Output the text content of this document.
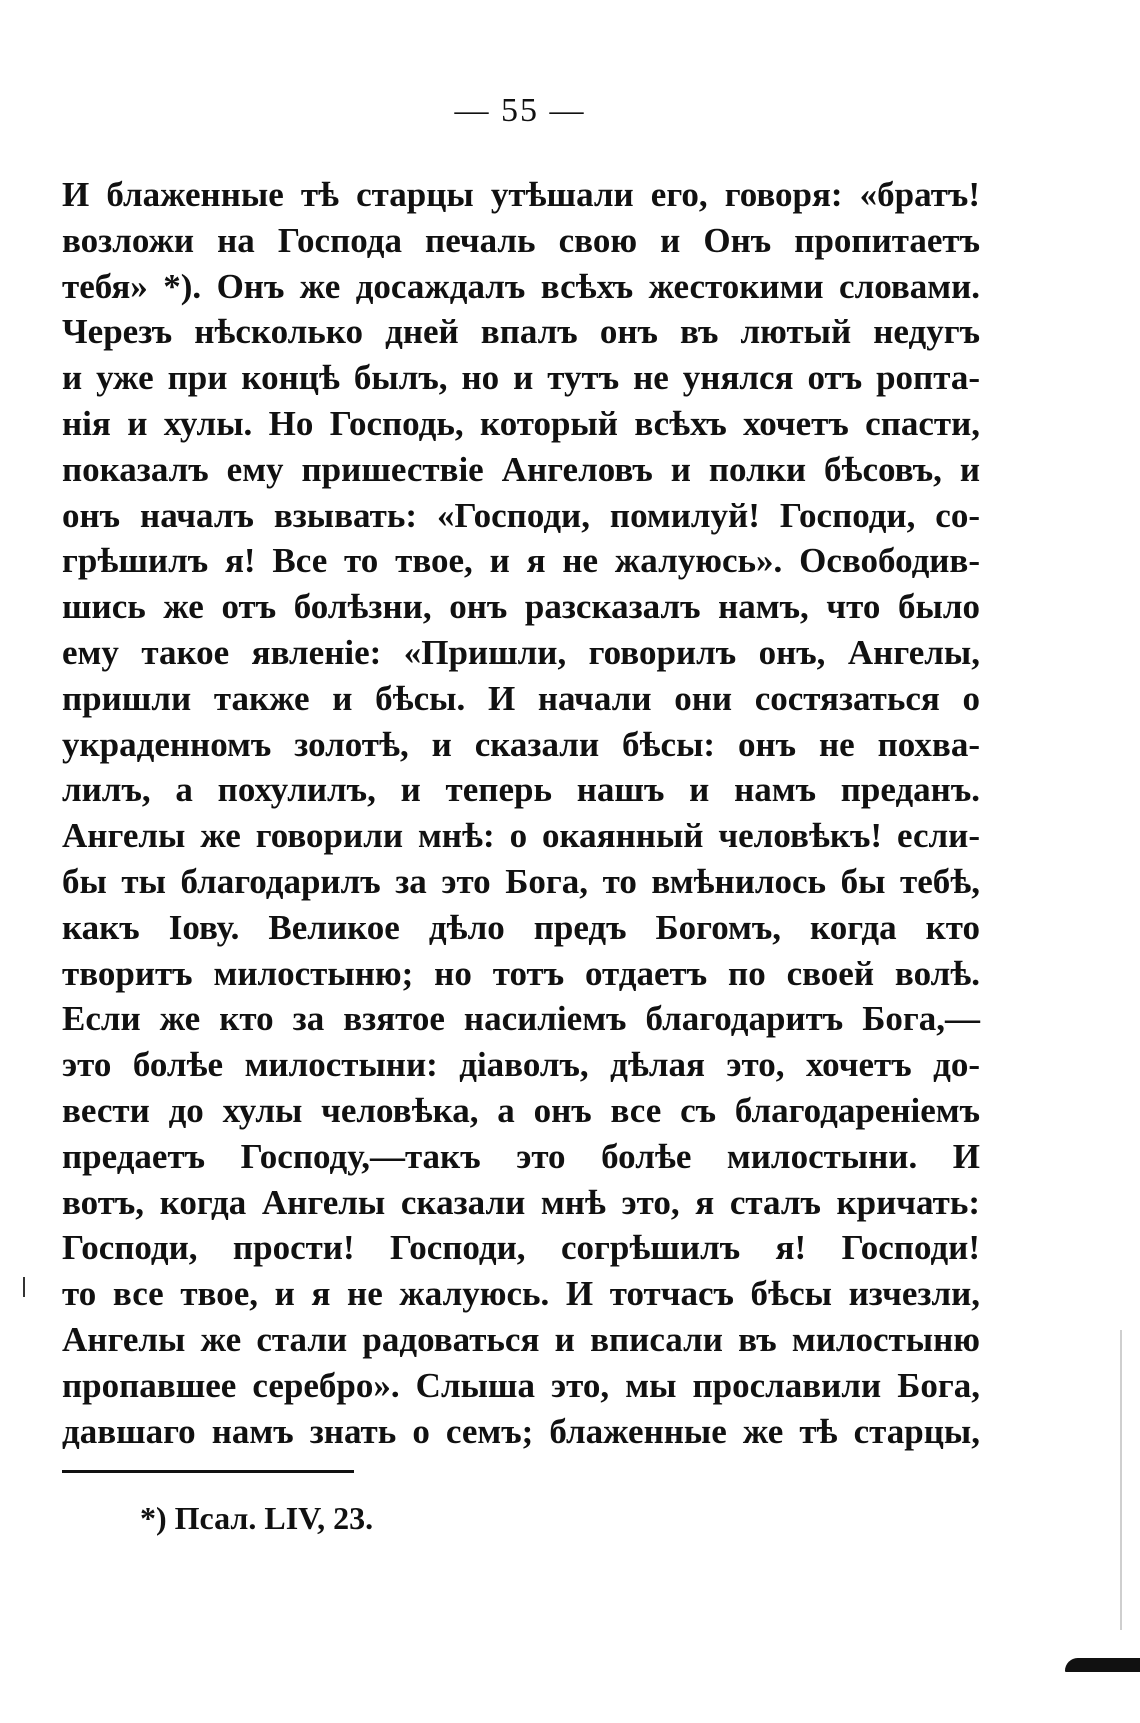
— 55 —
И блаженные тѣ старцы утѣшали его, говоря: «братъ!
возложи на Господа печаль свою и Онъ пропитаетъ
тебя» *). Онъ же досаждалъ всѣхъ жестокими словами.
Черезъ нѣсколько дней впалъ онъ въ лютый недугъ
и уже при концѣ былъ, но и тутъ не унялся отъ ропта-
нія и хулы. Но Господь, который всѣхъ хочетъ спасти,
показалъ ему пришествіе Ангеловъ и полки бѣсовъ, и
онъ началъ взывать: «Господи, помилуй! Господи, со-
грѣшилъ я! Все то твое, и я не жалуюсь». Освободив-
шись же отъ болѣзни, онъ разсказалъ намъ, что было
ему такое явленіе: «Пришли, говорилъ онъ, Ангелы,
пришли также и бѣсы. И начали они состязаться о
украденномъ золотѣ, и сказали бѣсы: онъ не похва-
лилъ, а похулилъ, и теперь нашъ и намъ преданъ.
Ангелы же говорили мнѣ: о окаянный человѣкъ! если-
бы ты благодарилъ за это Бога, то вмѣнилось бы тебѣ,
какъ Іову. Великое дѣло предъ Богомъ, когда кто
творитъ милостыню; но тотъ отдаетъ по своей волѣ.
Если же кто за взятое насиліемъ благодаритъ Бога,—
это болѣе милостыни: діаволъ, дѣлая это, хочетъ до-
вести до хулы человѣка, а онъ все съ благодареніемъ
предаетъ Господу,—такъ это болѣе милостыни. И
вотъ, когда Ангелы сказали мнѣ это, я сталъ кричать:
Господи, прости! Господи, согрѣшилъ я! Господи!
то все твое, и я не жалуюсь. И тотчасъ бѣсы изчезли,
Ангелы же стали радоваться и вписали въ милостыню
пропавшее серебро». Слыша это, мы прославили Бога,
давшаго намъ знать о семъ; блаженные же тѣ старцы,
*) Псал. LIV, 23.
